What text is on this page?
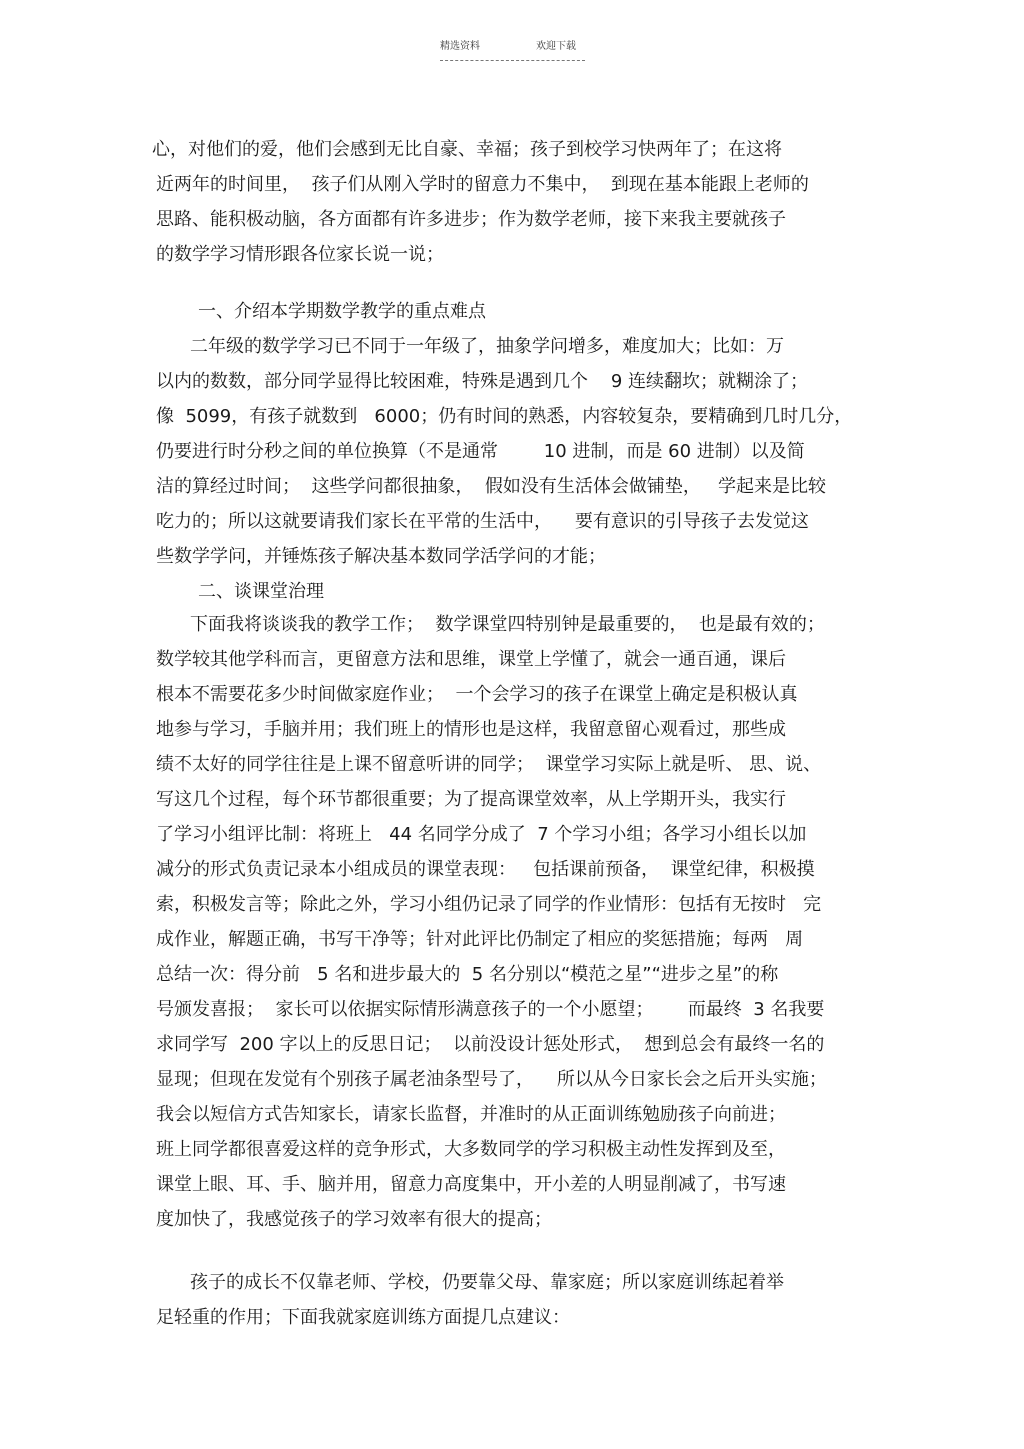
精选资料	欢迎下载
心，对他们的爱，他们会感到无比自豪、幸福；孩子到校学习快两年了；在这将
近两年的时间里，  孩子们从刚入学时的留意力不集中，  到现在基本能跟上老师的
思路、能积极动脑，各方面都有许多进步；作为数学老师，接下来我主要就孩子
的数学学习情形跟各位家长说一说；
一、介绍本学期数学教学的重点难点
二年级的数学学习已不同于一年级了，抽象学问增多，难度加大；比如：万
以内的数数，部分同学显得比较困难，特殊是遇到几个    9 连续翻坎；就糊涂了；
像  5099，有孩子就数到   6000；仍有时间的熟悉，内容较复杂，要精确到几时几分，
仍要进行时分秒之间的单位换算（不是通常        10 进制，而是 60 进制）以及简
洁的算经过时间；  这些学问都很抽象，  假如没有生活体会做铺垫，   学起来是比较
吃力的；所以这就要请我们家长在平常的生活中，    要有意识的引导孩子去发觉这
些数学学问，并锤炼孩子解决基本数同学活学问的才能；
二、谈课堂治理
下面我将谈谈我的教学工作；  数学课堂四特别钟是最重要的，  也是最有效的；
数学较其他学科而言，更留意方法和思维，课堂上学懂了，就会一通百通，课后
根本不需要花多少时间做家庭作业；  一个会学习的孩子在课堂上确定是积极认真
地参与学习，手脑并用；我们班上的情形也是这样，我留意留心观看过，那些成
绩不太好的同学往往是上课不留意听讲的同学；  课堂学习实际上就是听、 思、说、
写这几个过程，每个环节都很重要；为了提高课堂效率，从上学期开头，我实行
了学习小组评比制：将班上   44 名同学分成了  7 个学习小组；各学习小组长以加
减分的形式负责记录本小组成员的课堂表现：   包括课前预备，  课堂纪律，积极摸
索，积极发言等；除此之外，学习小组仍记录了同学的作业情形：包括有无按时   完
成作业，解题正确，书写干净等；针对此评比仍制定了相应的奖惩措施；每两   周
总结一次：得分前   5 名和进步最大的  5 名分别以“模范之星”“进步之星”的称
号颁发喜报；  家长可以依据实际情形满意孩子的一个小愿望；      而最终  3 名我要
求同学写  200 字以上的反思日记；  以前没设计惩处形式，  想到总会有最终一名的
显现；但现在发觉有个别孩子属老油条型号了，    所以从今日家长会之后开头实施；
我会以短信方式告知家长，请家长监督，并准时的从正面训练勉励孩子向前进；
班上同学都很喜爱这样的竞争形式，大多数同学的学习积极主动性发挥到及至，
课堂上眼、耳、手、脑并用，留意力高度集中，开小差的人明显削减了，书写速
度加快了，我感觉孩子的学习效率有很大的提高；
孩子的成长不仅靠老师、学校，仍要靠父母、靠家庭；所以家庭训练起着举
足轻重的作用；下面我就家庭训练方面提几点建议：
